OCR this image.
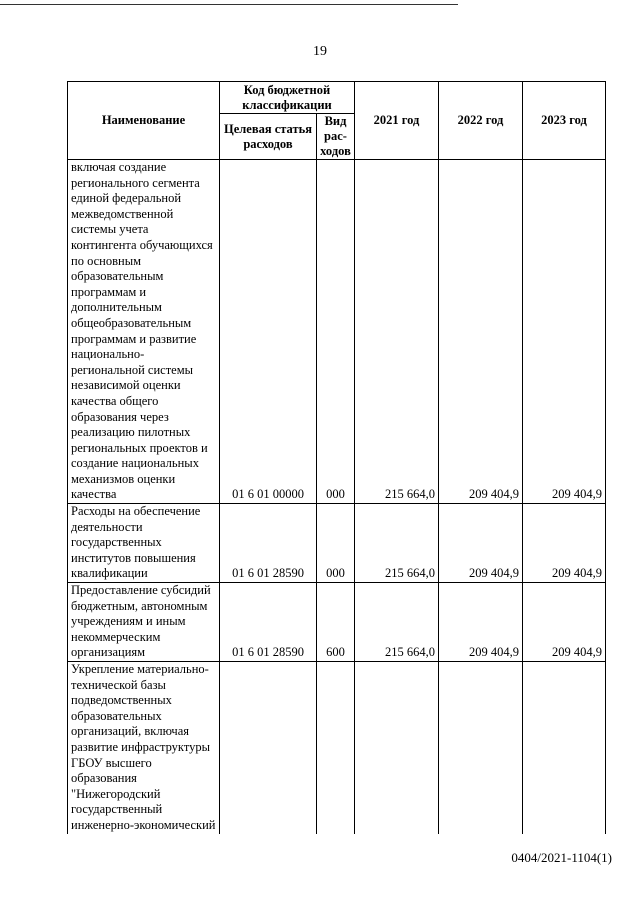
19
Наименование	Код бюджетной классификации		2021 год	2022 год	2023 год
	Целевая статья расходов	Вид рас-ходов			
включая создание регионального сегмента единой федеральной межведомственной системы учета контингента обучающихся по основным образовательным программам и дополнительным общеобразовательным программам и развитие национально-региональной системы независимой оценки качества общего образования через реализацию пилотных региональных проектов и создание национальных механизмов оценки качества	01 6 01 00000	000	215 664,0	209 404,9	209 404,9
Расходы на обеспечение деятельности государственных институтов повышения квалификации	01 6 01 28590	000	215 664,0	209 404,9	209 404,9
Предоставление субсидий бюджетным, автономным учреждениям и иным некоммерческим организациям	01 6 01 28590	600	215 664,0	209 404,9	209 404,9
Укрепление материально-технической базы подведомственных образовательных организаций, включая развитие инфраструктуры ГБОУ высшего образования "Нижегородский государственный инженерно-экономический					
0404/2021-1104(1)
